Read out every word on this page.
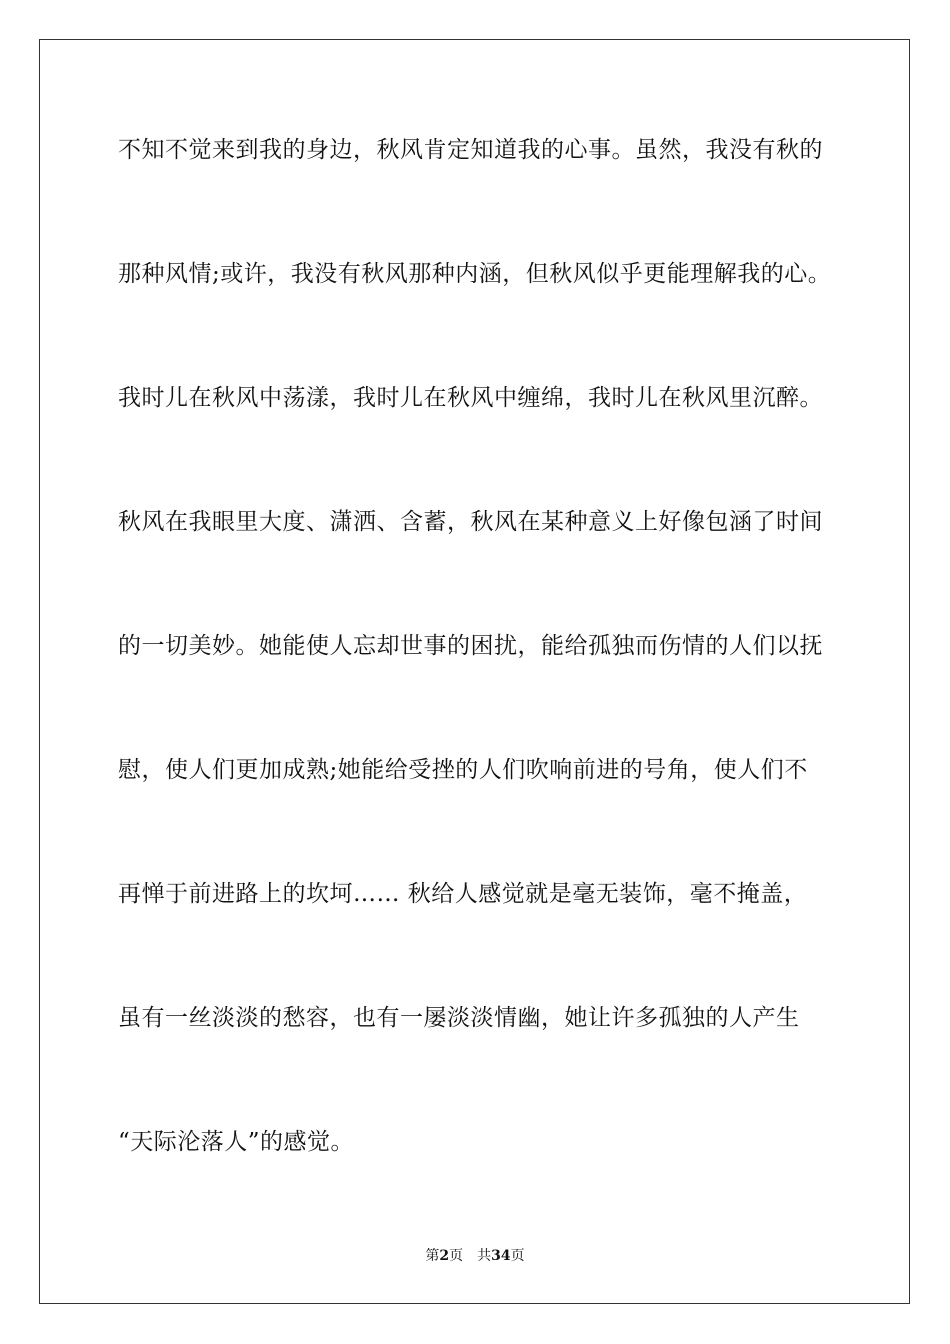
不知不觉来到我的身边，秋风肯定知道我的心事。虽然，我没有秋的
那种风情;或许，我没有秋风那种内涵，但秋风似乎更能理解我的心。
我时儿在秋风中荡漾，我时儿在秋风中缠绵，我时儿在秋风里沉醉。
秋风在我眼里大度、潇洒、含蓄，秋风在某种意义上好像包涵了时间
的一切美妙。她能使人忘却世事的困扰，能给孤独而伤情的人们以抚
慰，使人们更加成熟;她能给受挫的人们吹响前进的号角，使人们不
再惮于前进路上的坎坷…… 秋给人感觉就是毫无装饰，毫不掩盖，
虽有一丝淡淡的愁容，也有一屡淡淡情幽，她让许多孤独的人产生
“天际沦落人”的感觉。
第2页 共34页
